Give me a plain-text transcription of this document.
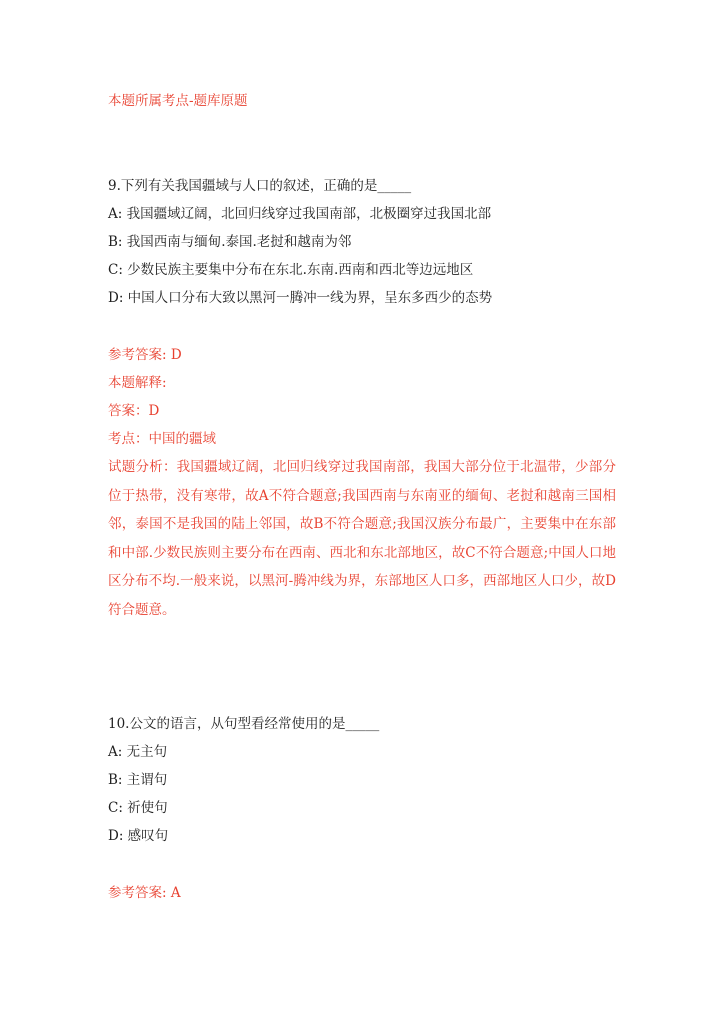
本题所属考点-题库原题
9.下列有关我国疆域与人口的叙述，正确的是_____
A: 我国疆域辽阔，北回归线穿过我国南部，北极圈穿过我国北部
B: 我国西南与缅甸.泰国.老挝和越南为邻
C: 少数民族主要集中分布在东北.东南.西南和西北等边远地区
D: 中国人口分布大致以黑河一腾冲一线为界，呈东多西少的态势
参考答案: D
本题解释:
答案：D
考点：中国的疆域
试题分析：我国疆域辽阔，北回归线穿过我国南部，我国大部分位于北温带，少部分位于热带，没有寒带，故A不符合题意;我国西南与东南亚的缅甸、老挝和越南三国相邻，泰国不是我国的陆上邻国，故B不符合题意;我国汉族分布最广，主要集中在东部和中部.少数民族则主要分布在西南、西北和东北部地区，故C不符合题意;中国人口地区分布不均.一般来说，以黑河-腾冲线为界，东部地区人口多，西部地区人口少，故D符合题意。
10.公文的语言，从句型看经常使用的是_____
A: 无主句
B: 主谓句
C: 祈使句
D: 感叹句
参考答案: A
